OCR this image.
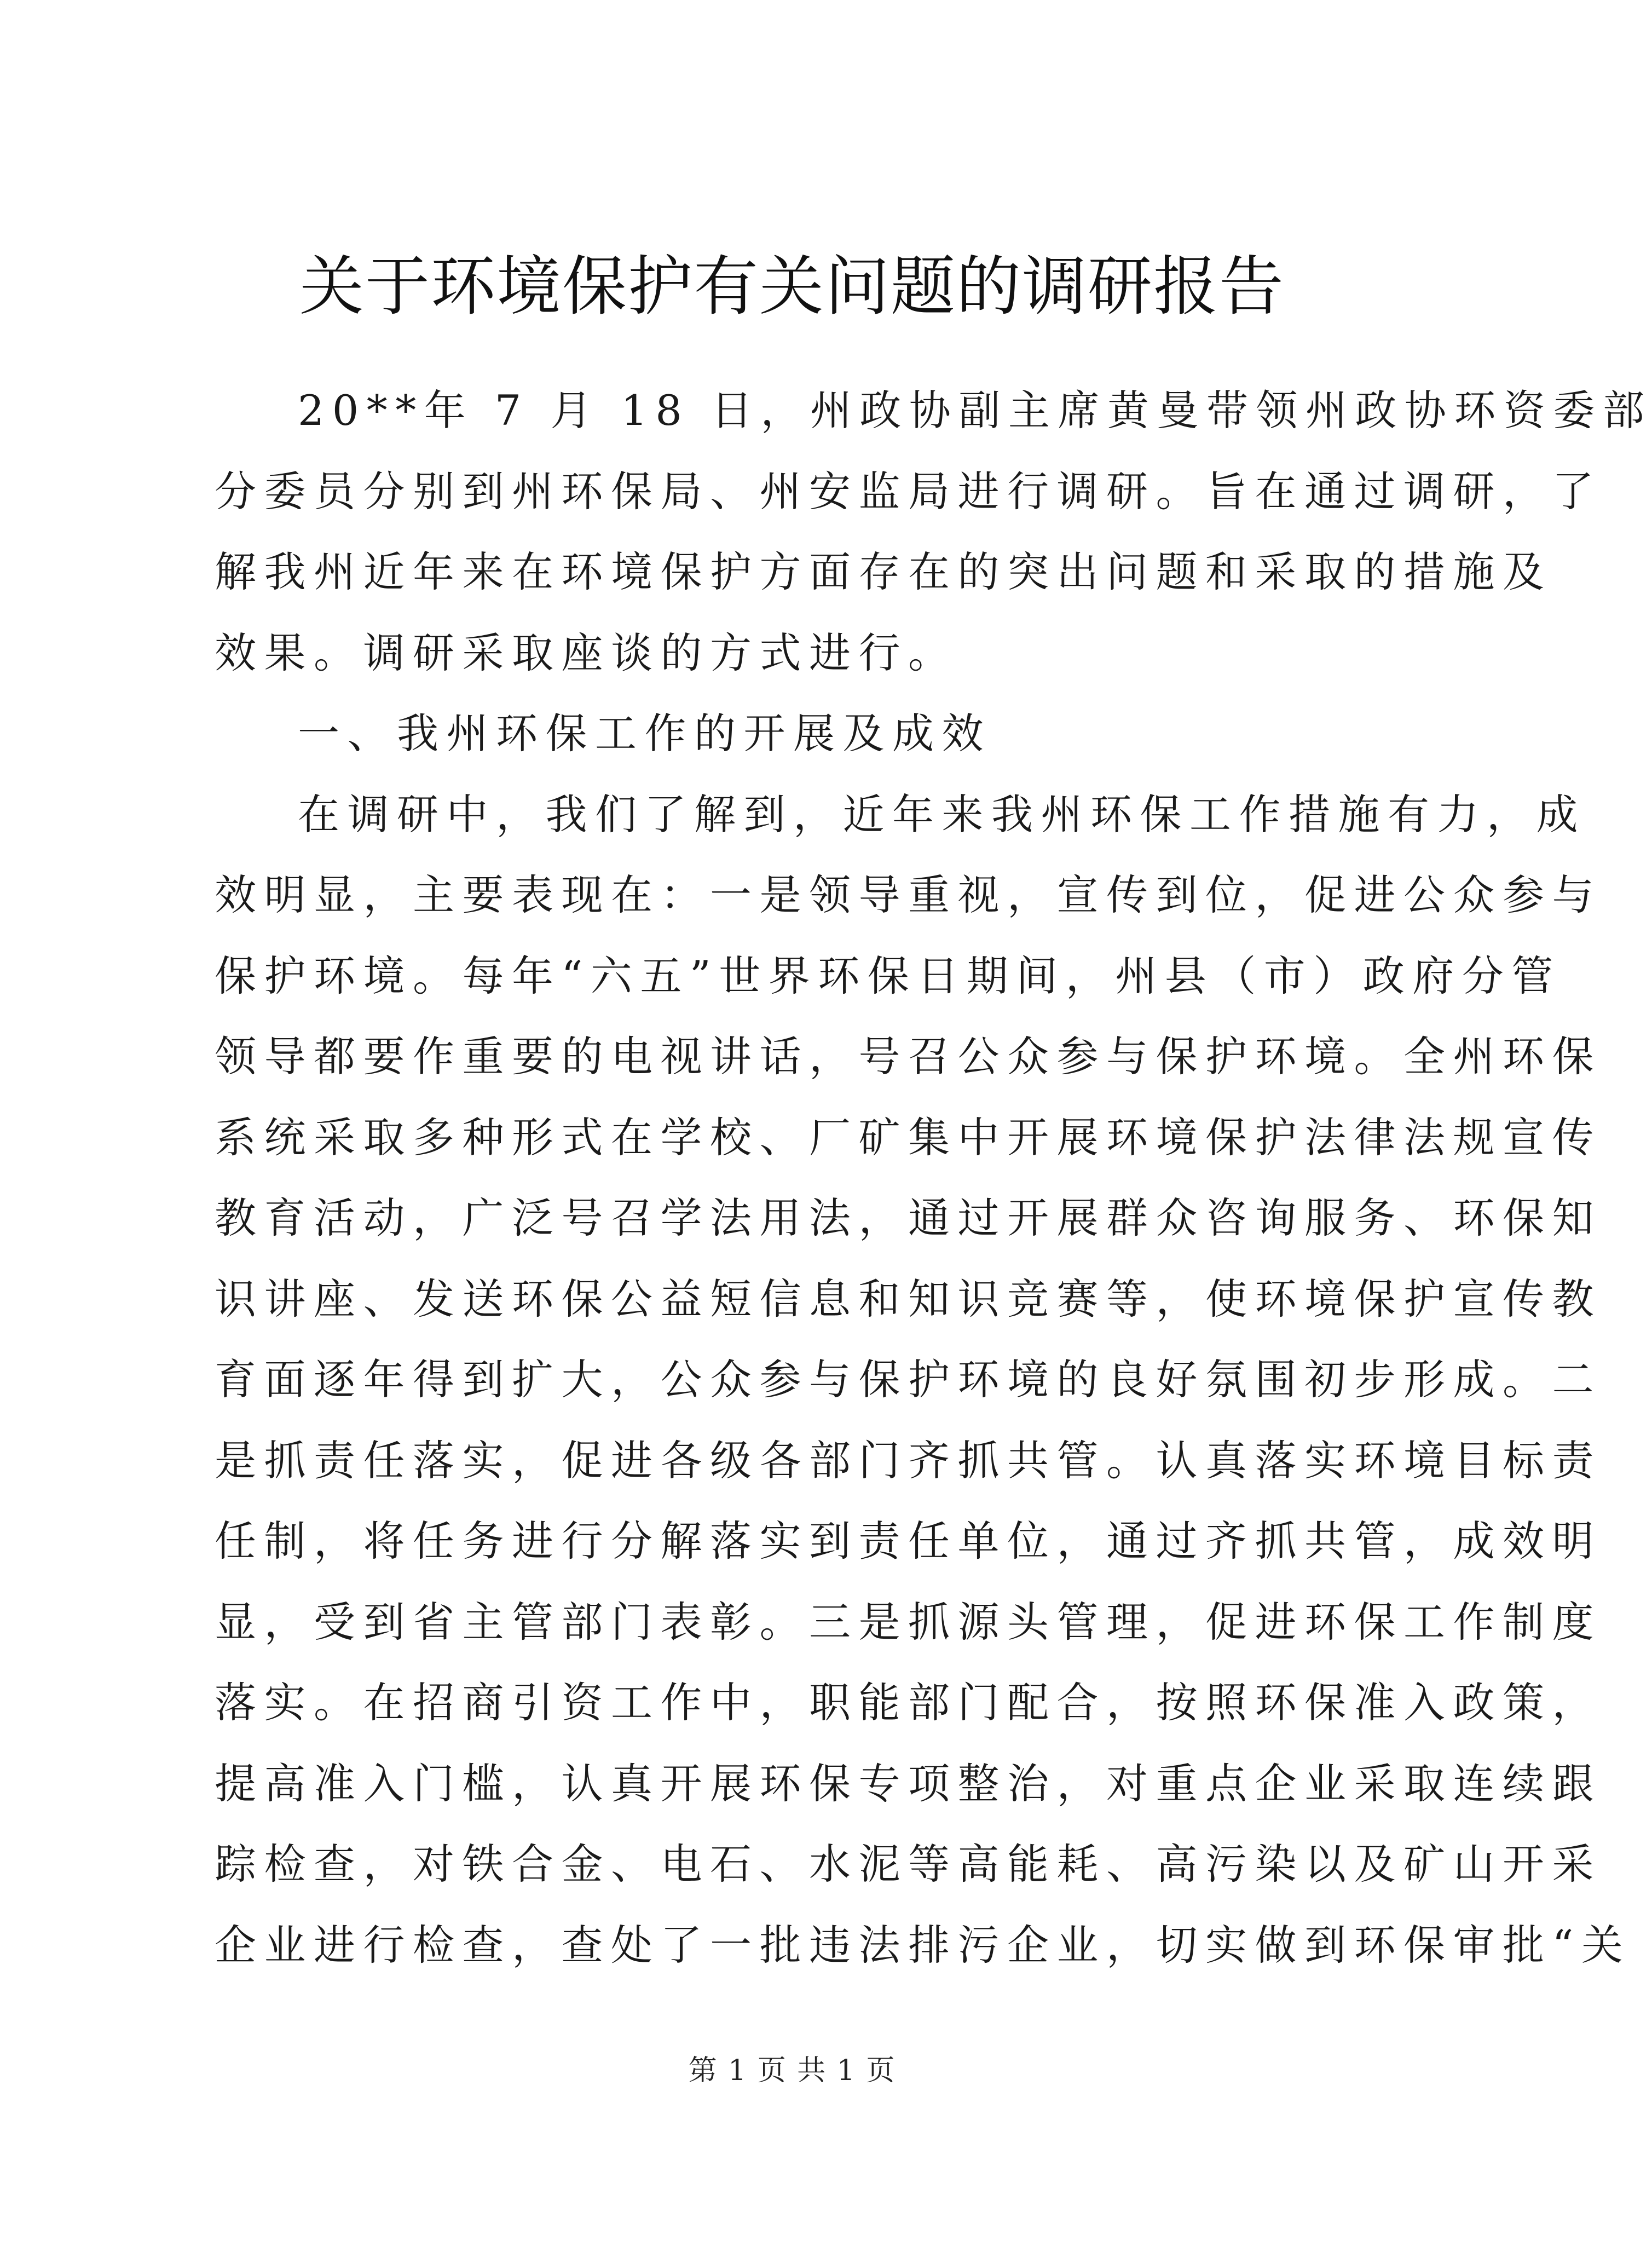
关于环境保护有关问题的调研报告
20**年 7 月 18 日，州政协副主席黄曼带领州政协环资委部
分委员分别到州环保局、州安监局进行调研。旨在通过调研，了
解我州近年来在环境保护方面存在的突出问题和采取的措施及
效果。调研采取座谈的方式进行。
一、我州环保工作的开展及成效
在调研中，我们了解到，近年来我州环保工作措施有力，成
效明显，主要表现在：一是领导重视，宣传到位，促进公众参与
保护环境。每年“六五”世界环保日期间，州县（市）政府分管
领导都要作重要的电视讲话，号召公众参与保护环境。全州环保
系统采取多种形式在学校、厂矿集中开展环境保护法律法规宣传
教育活动，广泛号召学法用法，通过开展群众咨询服务、环保知
识讲座、发送环保公益短信息和知识竞赛等，使环境保护宣传教
育面逐年得到扩大，公众参与保护环境的良好氛围初步形成。二
是抓责任落实，促进各级各部门齐抓共管。认真落实环境目标责
任制，将任务进行分解落实到责任单位，通过齐抓共管，成效明
显，受到省主管部门表彰。三是抓源头管理，促进环保工作制度
落实。在招商引资工作中，职能部门配合，按照环保准入政策，
提高准入门槛，认真开展环保专项整治，对重点企业采取连续跟
踪检查，对铁合金、电石、水泥等高能耗、高污染以及矿山开采
企业进行检查，查处了一批违法排污企业，切实做到环保审批“关
第 1 页 共 1 页
